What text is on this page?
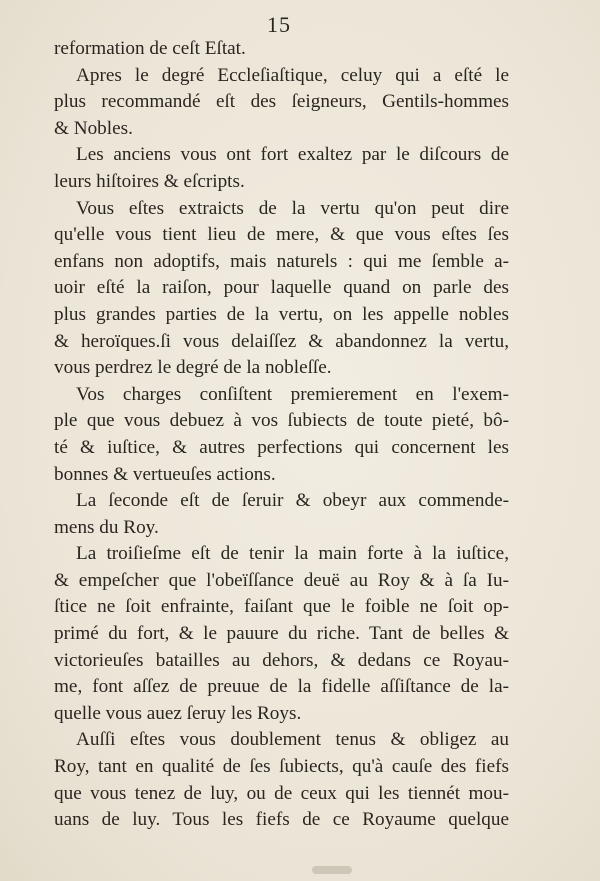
15
reformation de ceſt Eſtat.
Apres le degré Eccleſiaſtique, celuy qui a eſté le
plus recommandé eſt des ſeigneurs, Gentils-hommes
& Nobles.
Les anciens vous ont fort exaltez par le diſcours de
leurs hiſtoires & eſcripts.
Vous eſtes extraicts de la vertu qu'on peut dire
qu'elle vous tient lieu de mere, & que vous eſtes ſes
enfans non adoptifs, mais naturels : qui me ſemble a-
uoir eſté la raiſon, pour laquelle quand on parle des
plus grandes parties de la vertu, on les appelle nobles
& heroïques.ſi vous delaiſſez & abandonnez la vertu,
vous perdrez le degré de la nobleſſe.
Vos charges conſiſtent premierement en l'exem-
ple que vous debuez à vos ſubiects de toute pieté, bô-
té & iuſtice, & autres perfections qui concernent les
bonnes & vertueuſes actions.
La ſeconde eſt de ſeruir & obeyr aux commende-
mens du Roy.
La troiſieſme eſt de tenir la main forte à la iuſtice,
& empeſcher que l'obeïſſance deuë au Roy & à ſa Iu-
ſtice ne ſoit enfrainte, faiſant que le foible ne ſoit op-
primé du fort, & le pauure du riche. Tant de belles &
victorieuſes batailles au dehors, & dedans ce Royau-
me, font aſſez de preuue de la fidelle aſſiſtance de la-
quelle vous auez ſeruy les Roys.
Auſſi eſtes vous doublement tenus & obligez au
Roy, tant en qualité de ſes ſubiects, qu'à cauſe des fiefs
que vous tenez de luy, ou de ceux qui les tiennét mou-
uans de luy. Tous les fiefs de ce Royaume quelque
